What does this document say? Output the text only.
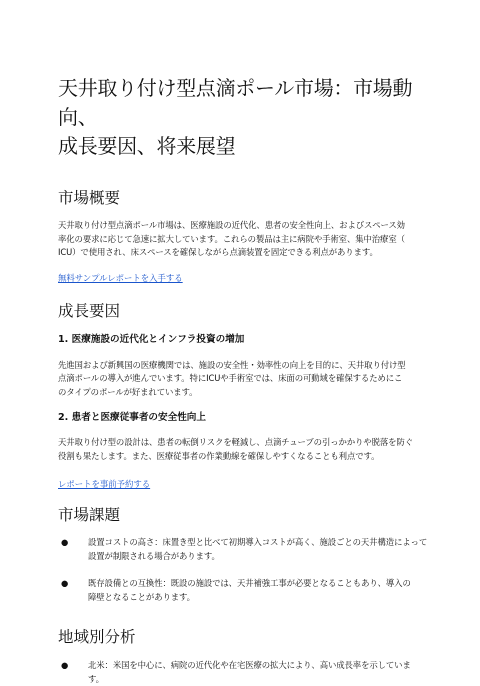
天井取り付け型点滴ポール市場：市場動向、
成長要因、将来展望
市場概要

天井取り付け型点滴ポール市場は、医療施設の近代化、患者の安全性向上、およびスペース効
率化の要求に応じて急速に拡大しています。これらの製品は主に病院や手術室、集中治療室（
ICU）で使用され、床スペースを確保しながら点滴装置を固定できる利点があります。

無料サンプルレポートを入手する
成長要因
1. 医療施設の近代化とインフラ投資の増加

先進国および新興国の医療機関では、施設の安全性・効率性の向上を目的に、天井取り付け型
点滴ポールの導入が進んでいます。特にICUや手術室では、床面の可動域を確保するためにこ
のタイプのポールが好まれています。

2. 患者と医療従事者の安全性向上

天井取り付け型の設計は、患者の転倒リスクを軽減し、点滴チューブの引っかかりや脱落を防ぐ
役割も果たします。また、医療従事者の作業動線を確保しやすくなることも利点です。

レポートを事前予約する
市場課題
● 設置コストの高さ：床置き型と比べて初期導入コストが高く、施設ごとの天井構造によって
設置が制限される場合があります。
● 既存設備との互換性：既設の施設では、天井補強工事が必要となることもあり、導入の
障壁となることがあります。
地域別分析
● 北米：米国を中心に、病院の近代化や在宅医療の拡大により、高い成長率を示していま
す。
